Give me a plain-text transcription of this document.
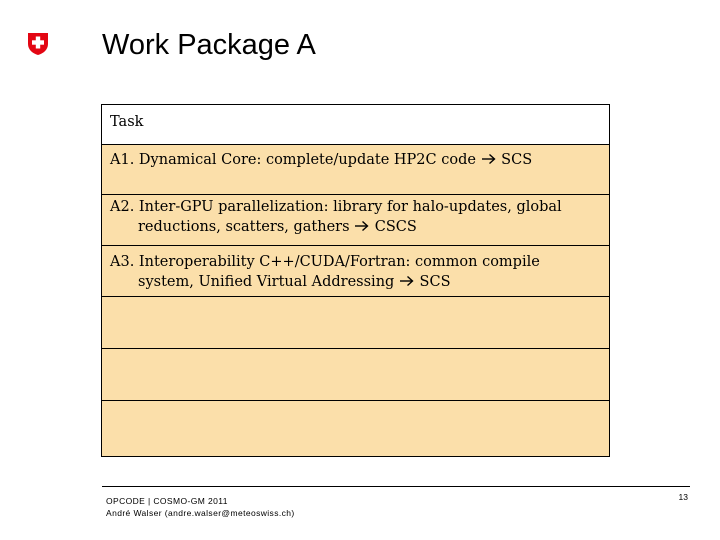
Work Package A
Task
A1. Dynamical Core: complete/update HP2C code SCS
A2. Inter-GPU parallelization: library for halo-updates, global
reductions, scatters, gathers CSCS
A3. Interoperability C++/CUDA/Fortran: common compile
system, Unified Virtual Addressing SCS
OPCODE | COSMO-GM 2011
André Walser (andre.walser@meteoswiss.ch)
13
